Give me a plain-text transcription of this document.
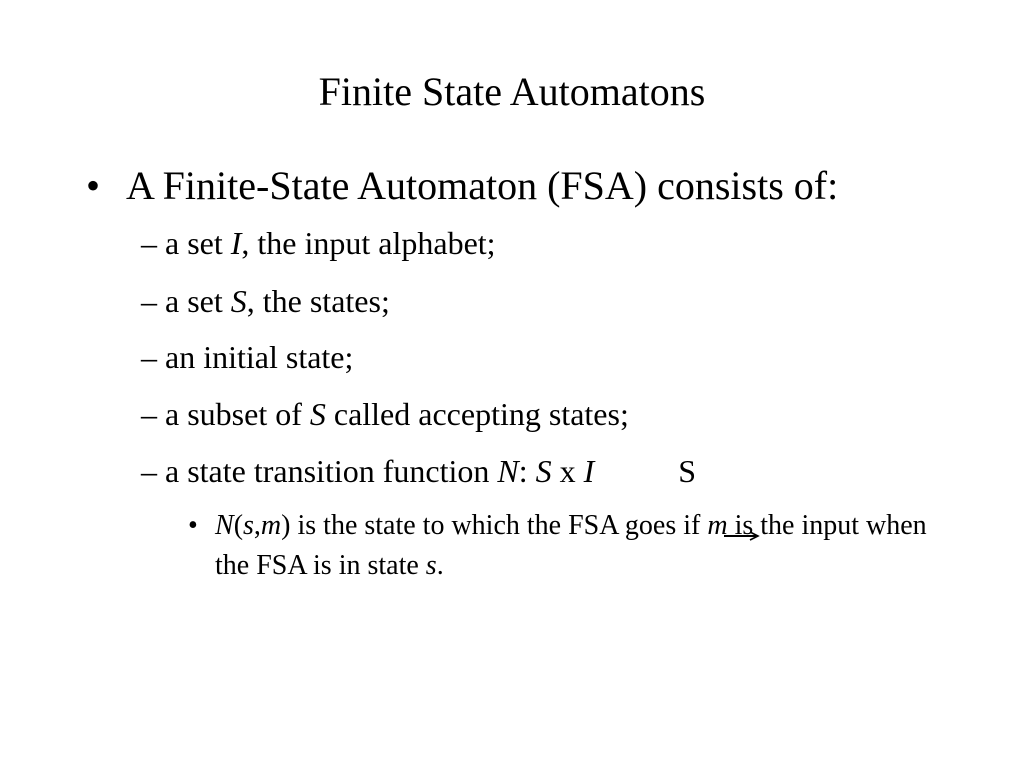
Finite State Automatons
• A Finite-State Automaton (FSA) consists of:
– a set I, the input alphabet;
– a set S, the states;
– an initial state;
– a subset of S called accepting states;
– a state transition function N: S x I	S
• N(s,m) is the state to which the FSA goes if m is the input when the FSA is in state s.
